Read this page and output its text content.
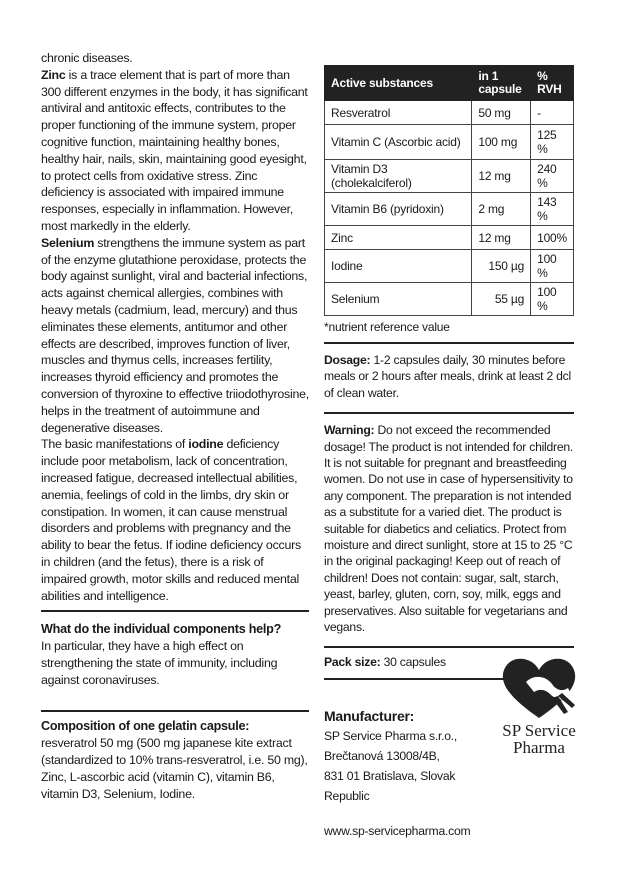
chronic diseases.

Zinc is a trace element that is part of more than 300 different enzymes in the body, it has significant antiviral and antitoxic effects, contributes to the proper functioning of the immune system, proper cognitive function, maintaining healthy bones, healthy hair, nails, skin, maintaining good eyesight, to protect cells from oxidative stress. Zinc deficiency is associated with impaired immune responses, especially in inflammation. However, most markedly in the elderly.

Selenium strengthens the immune system as part of the enzyme glutathione peroxidase, protects the body against sunlight, viral and bacterial infections, acts against chemical allergies, combines with heavy metals (cadmium, lead, mercury) and thus eliminates these elements, antitumor and other effects are described, improves function of liver, muscles and thymus cells, increases fertility, increases thyroid efficiency and promotes the conversion of thyroxine to effective triiodothyrosine, helps in the treatment of autoimmune and degenerative diseases.

The basic manifestations of iodine deficiency include poor metabolism, lack of concentration, increased fatigue, decreased intellectual abilities, anemia, feelings of cold in the limbs, dry skin or constipation. In women, it can cause menstrual disorders and problems with pregnancy and the ability to bear the fetus. If iodine deficiency occurs in children (and the fetus), there is a risk of impaired growth, motor skills and reduced mental abilities and intelligence.

What do the individual components help?

In particular, they have a high effect on strengthening the state of immunity, including against coronaviruses.

Composition of one gelatin capsule:

resveratrol 50 mg (500 mg japanese kite extract (standardized to 10% trans-resveratrol, i.e. 50 mg), Zinc, L-ascorbic acid (vitamin C), vitamin B6, vitamin D3, Selenium, Iodine.

Active substances	in 1 capsule	% RVH
Resveratrol	50 mg	-
Vitamin C (Ascorbic acid)	100 mg	125 %
Vitamin D3 (cholekalciferol)	12 mg	240 %
Vitamin B6 (pyridoxin)	2 mg	143 %
Zinc	12 mg	100%
Iodine	150 µg	100 %
Selenium	55 µg	100 %
*nutrient reference value

Dosage: 1-2 capsules daily, 30 minutes before meals or 2 hours after meals, drink at least 2 dcl of clean water.

Warning: Do not exceed the recommended dosage! The product is not intended for children. It is not suitable for pregnant and breastfeeding women. Do not use in case of hypersensitivity to any component. The preparation is not intended as a substitute for a varied diet. The product is suitable for diabetics and celiatics. Protect from moisture and direct sunlight, store at 15 to 25 °C in the original packaging! Keep out of reach of children! Does not contain: sugar, salt, starch, yeast, barley, gluten, corn, soy, milk, eggs and preservatives. Also suitable for vegetarians and vegans.

Pack size: 30 capsules

Manufacturer:

SP Service Pharma s.r.o.,

Brečtanová 13008/4B,

831 01 Bratislava, Slovak Republic

www.sp-servicepharma.com

SP Service
Pharma
